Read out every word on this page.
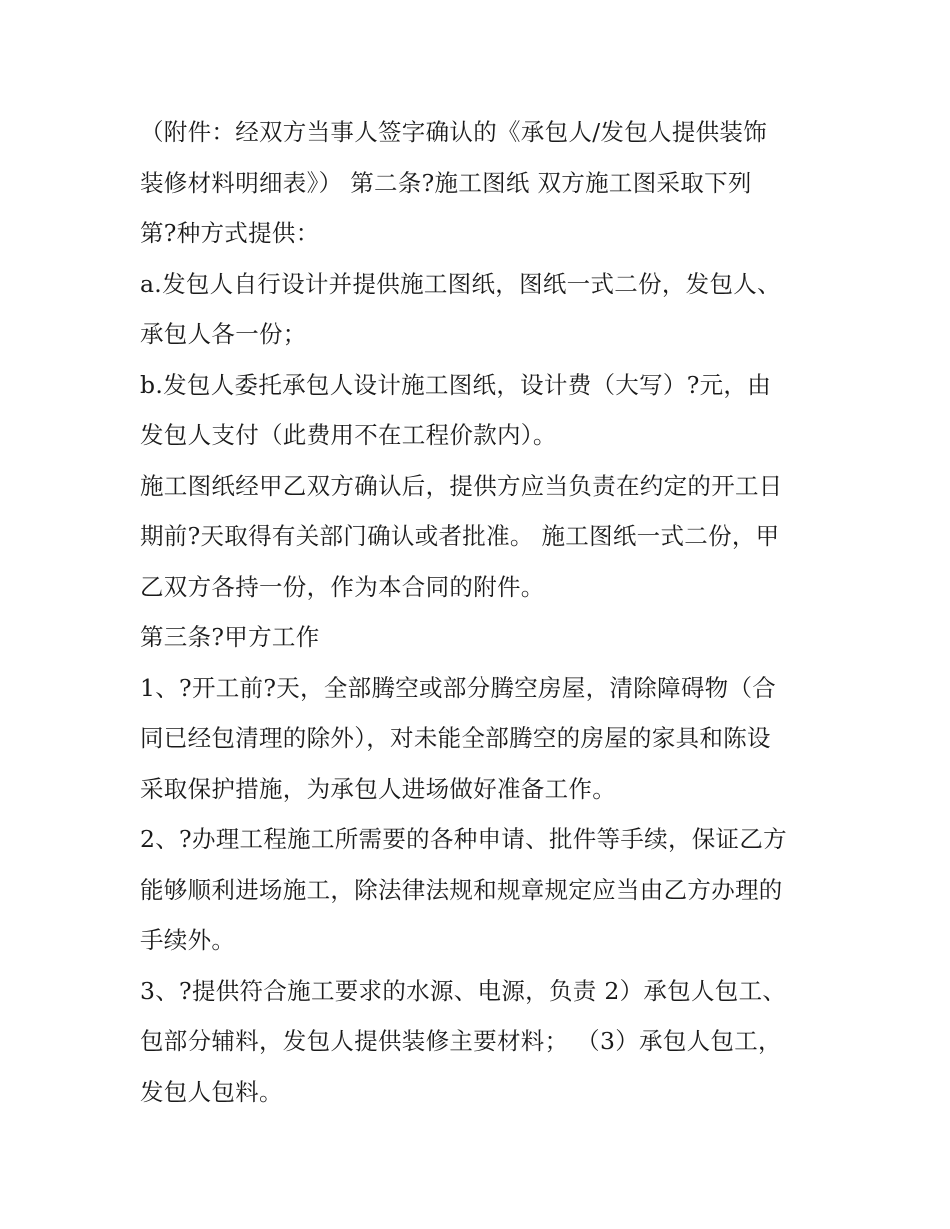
（附件：经双方当事人签字确认的《承包人/发包人提供装饰
装修材料明细表》） 第二条?施工图纸 双方施工图采取下列
第?种方式提供：
a.发包人自行设计并提供施工图纸，图纸一式二份，发包人、
承包人各一份；
b.发包人委托承包人设计施工图纸，设计费（大写）?元，由
发包人支付（此费用不在工程价款内）。
施工图纸经甲乙双方确认后，提供方应当负责在约定的开工日
期前?天取得有关部门确认或者批准。 施工图纸一式二份，甲
乙双方各持一份，作为本合同的附件。
第三条?甲方工作
1、?开工前?天，全部腾空或部分腾空房屋，清除障碍物（合
同已经包清理的除外），对未能全部腾空的房屋的家具和陈设
采取保护措施，为承包人进场做好准备工作。
2、?办理工程施工所需要的各种申请、批件等手续，保证乙方
能够顺利进场施工，除法律法规和规章规定应当由乙方办理的
手续外。
3、?提供符合施工要求的水源、电源，负责 2）承包人包工、
包部分辅料，发包人提供装修主要材料； （3）承包人包工，
发包人包料。
